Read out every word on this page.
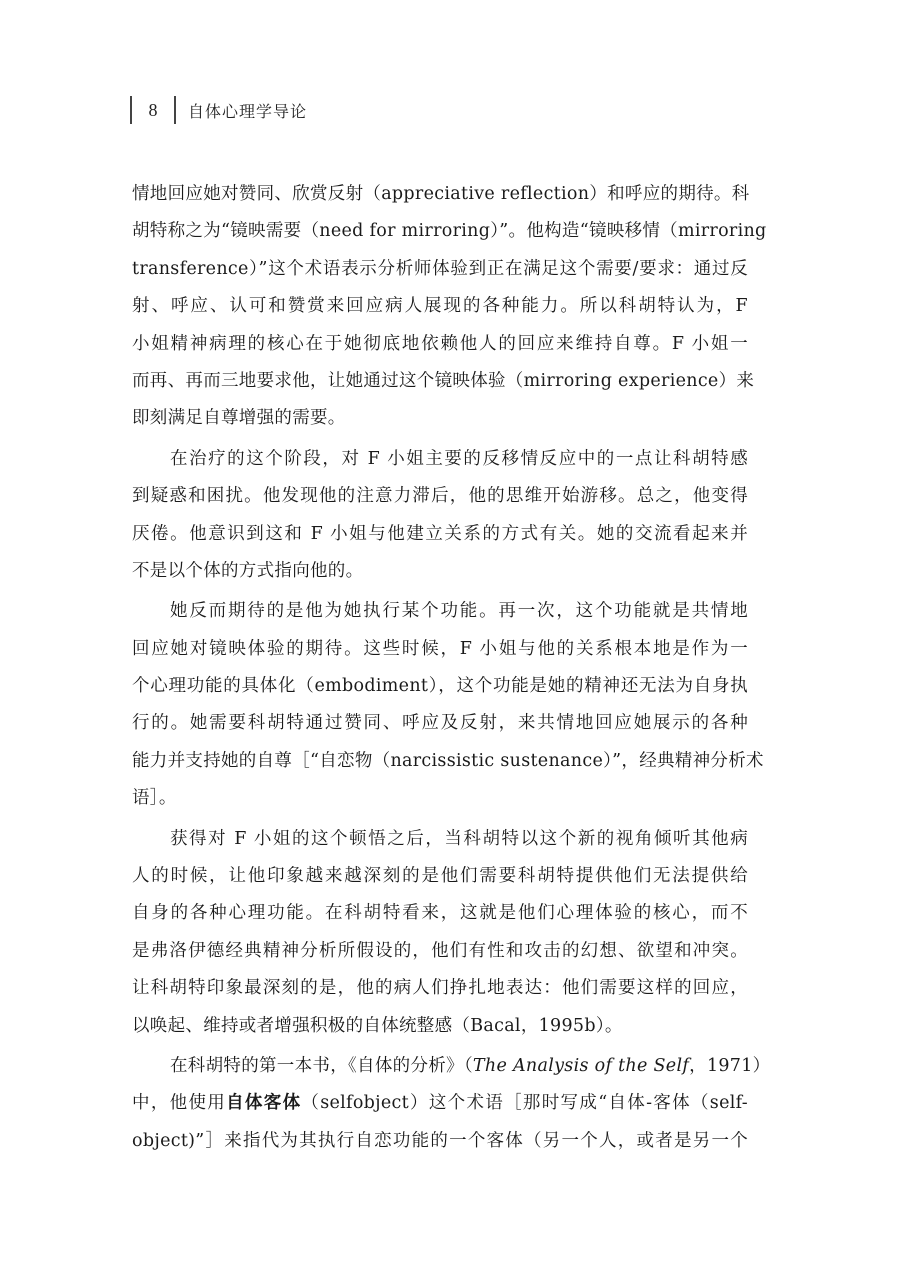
8	自体心理学导论
情地回应她对赞同、欣赏反射（appreciative reflection）和呼应的期待。科
胡特称之为“镜映需要（need for mirroring）”。他构造“镜映移情（mirroring
transference）”这个术语表示分析师体验到正在满足这个需要/要求：通过反
射、呼应、认可和赞赏来回应病人展现的各种能力。所以科胡特认为，F
小姐精神病理的核心在于她彻底地依赖他人的回应来维持自尊。F 小姐一
而再、再而三地要求他，让她通过这个镜映体验（mirroring experience）来
即刻满足自尊增强的需要。
在治疗的这个阶段，对 F 小姐主要的反移情反应中的一点让科胡特感
到疑惑和困扰。他发现他的注意力滞后，他的思维开始游移。总之，他变得
厌倦。他意识到这和 F 小姐与他建立关系的方式有关。她的交流看起来并
不是以个体的方式指向他的。
她反而期待的是他为她执行某个功能。再一次，这个功能就是共情地
回应她对镜映体验的期待。这些时候，F 小姐与他的关系根本地是作为一
个心理功能的具体化（embodiment），这个功能是她的精神还无法为自身执
行的。她需要科胡特通过赞同、呼应及反射，来共情地回应她展示的各种
能力并支持她的自尊［“自恋物（narcissistic sustenance）”，经典精神分析术
语］。
获得对 F 小姐的这个顿悟之后，当科胡特以这个新的视角倾听其他病
人的时候，让他印象越来越深刻的是他们需要科胡特提供他们无法提供给
自身的各种心理功能。在科胡特看来，这就是他们心理体验的核心，而不
是弗洛伊德经典精神分析所假设的，他们有性和攻击的幻想、欲望和冲突。
让科胡特印象最深刻的是，他的病人们挣扎地表达：他们需要这样的回应，
以唤起、维持或者增强积极的自体统整感（Bacal，1995b）。
在科胡特的第一本书，《自体的分析》（The Analysis of the Self，1971）
中，他使用自体客体（selfobject）这个术语［那时写成“自体-客体（self-
object)”］来指代为其执行自恋功能的一个客体（另一个人，或者是另一个
